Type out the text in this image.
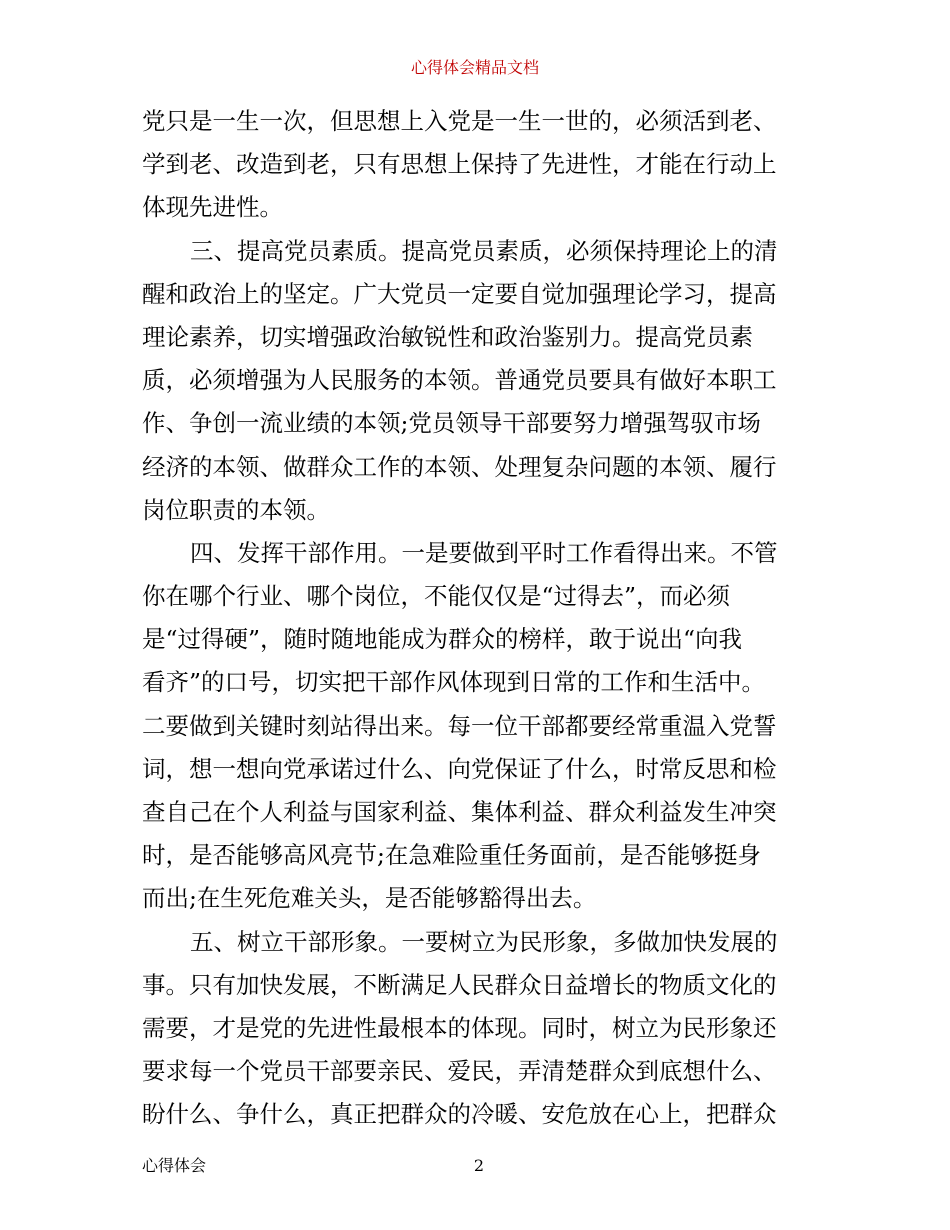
心得体会精品文档
党只是一生一次，但思想上入党是一生一世的，必须活到老、
学到老、改造到老，只有思想上保持了先进性，才能在行动上
体现先进性。
三、提高党员素质。提高党员素质，必须保持理论上的清
醒和政治上的坚定。广大党员一定要自觉加强理论学习，提高
理论素养，切实增强政治敏锐性和政治鉴别力。提高党员素
质，必须增强为人民服务的本领。普通党员要具有做好本职工
作、争创一流业绩的本领;党员领导干部要努力增强驾驭市场
经济的本领、做群众工作的本领、处理复杂问题的本领、履行
岗位职责的本领。
四、发挥干部作用。一是要做到平时工作看得出来。不管
你在哪个行业、哪个岗位，不能仅仅是“过得去”，而必须
是“过得硬”，随时随地能成为群众的榜样，敢于说出“向我
看齐”的口号，切实把干部作风体现到日常的工作和生活中。
二要做到关键时刻站得出来。每一位干部都要经常重温入党誓
词，想一想向党承诺过什么、向党保证了什么，时常反思和检
查自己在个人利益与国家利益、集体利益、群众利益发生冲突
时，是否能够高风亮节;在急难险重任务面前，是否能够挺身
而出;在生死危难关头，是否能够豁得出去。
五、树立干部形象。一要树立为民形象，多做加快发展的
事。只有加快发展，不断满足人民群众日益增长的物质文化的
需要，才是党的先进性最根本的体现。同时，树立为民形象还
要求每一个党员干部要亲民、爱民，弄清楚群众到底想什么、
盼什么、争什么，真正把群众的冷暖、安危放在心上，把群众
心得体会	2
